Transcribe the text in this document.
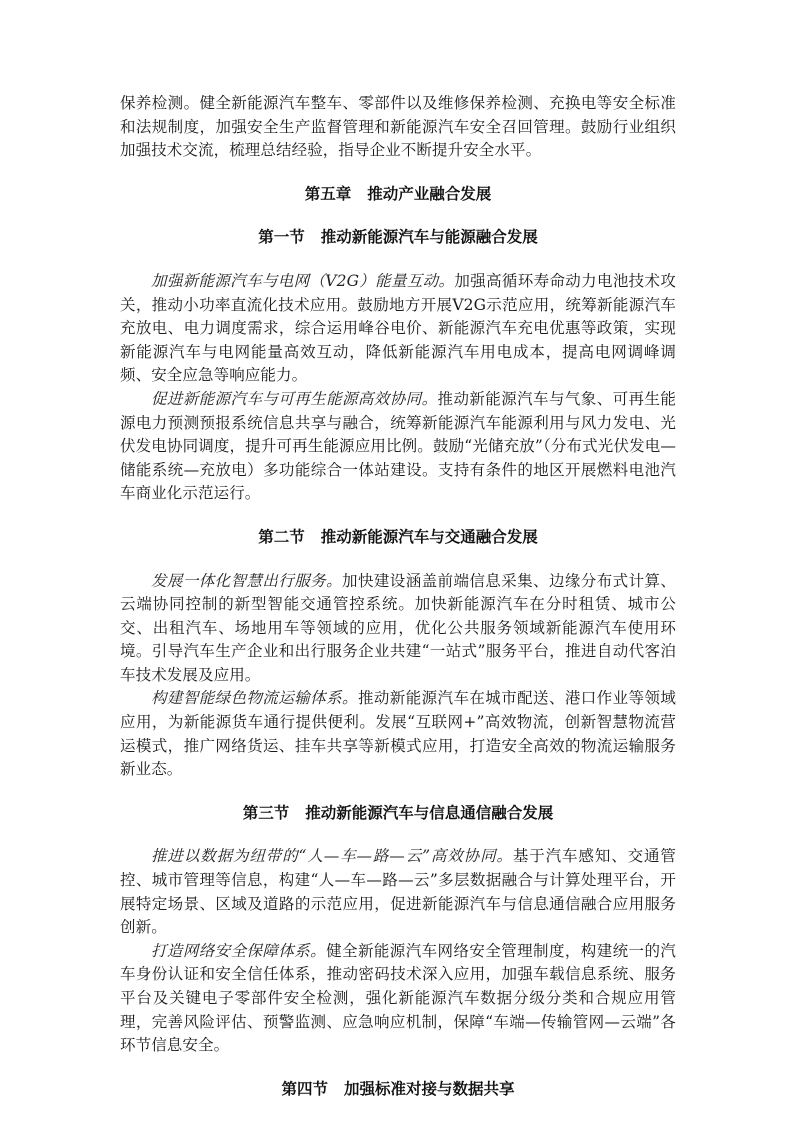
保养检测。健全新能源汽车整车、零部件以及维修保养检测、充换电等安全标准和法规制度，加强安全生产监督管理和新能源汽车安全召回管理。鼓励行业组织加强技术交流，梳理总结经验，指导企业不断提升安全水平。

第五章 推动产业融合发展
第一节 推动新能源汽车与能源融合发展

加强新能源汽车与电网（V2G）能量互动。加强高循环寿命动力电池技术攻关，推动小功率直流化技术应用。鼓励地方开展V2G示范应用，统筹新能源汽车充放电、电力调度需求，综合运用峰谷电价、新能源汽车充电优惠等政策，实现新能源汽车与电网能量高效互动，降低新能源汽车用电成本，提高电网调峰调频、安全应急等响应能力。

促进新能源汽车与可再生能源高效协同。推动新能源汽车与气象、可再生能源电力预测预报系统信息共享与融合，统筹新能源汽车能源利用与风力发电、光伏发电协同调度，提升可再生能源应用比例。鼓励“光储充放”（分布式光伏发电—储能系统—充放电）多功能综合一体站建设。支持有条件的地区开展燃料电池汽车商业化示范运行。

第二节 推动新能源汽车与交通融合发展

发展一体化智慧出行服务。加快建设涵盖前端信息采集、边缘分布式计算、云端协同控制的新型智能交通管控系统。加快新能源汽车在分时租赁、城市公交、出租汽车、场地用车等领域的应用，优化公共服务领域新能源汽车使用环境。引导汽车生产企业和出行服务企业共建“一站式”服务平台，推进自动代客泊车技术发展及应用。

构建智能绿色物流运输体系。推动新能源汽车在城市配送、港口作业等领域应用，为新能源货车通行提供便利。发展“互联网+”高效物流，创新智慧物流营运模式，推广网络货运、挂车共享等新模式应用，打造安全高效的物流运输服务新业态。

第三节 推动新能源汽车与信息通信融合发展

推进以数据为纽带的“人—车—路—云”高效协同。基于汽车感知、交通管控、城市管理等信息，构建“人—车—路—云”多层数据融合与计算处理平台，开展特定场景、区域及道路的示范应用，促进新能源汽车与信息通信融合应用服务创新。

打造网络安全保障体系。健全新能源汽车网络安全管理制度，构建统一的汽车身份认证和安全信任体系，推动密码技术深入应用，加强车载信息系统、服务平台及关键电子零部件安全检测，强化新能源汽车数据分级分类和合规应用管理，完善风险评估、预警监测、应急响应机制，保障“车端—传输管网—云端”各环节信息安全。

第四节 加强标准对接与数据共享
